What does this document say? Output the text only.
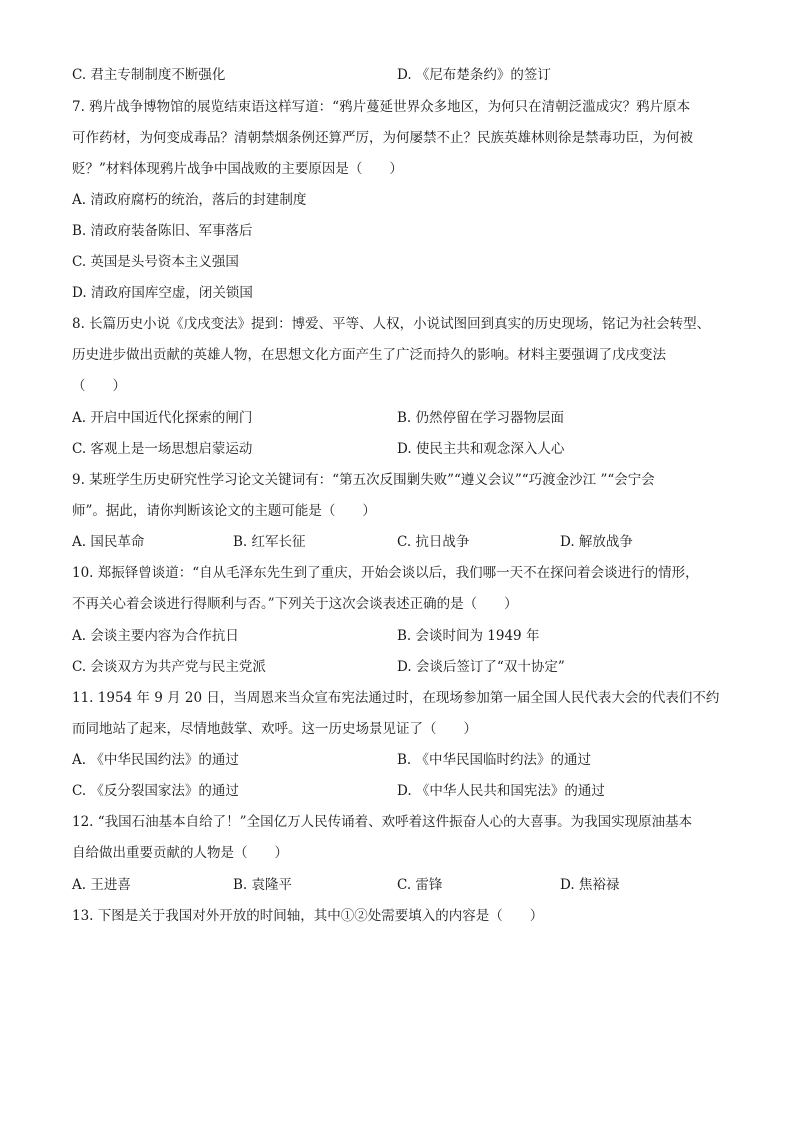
C. 君主专制制度不断强化	D. 《尼布楚条约》的签订
7. 鸦片战争博物馆的展览结束语这样写道：“鸦片蔓延世界众多地区，为何只在清朝泛滥成灾？鸦片原本
可作药材，为何变成毒品？清朝禁烟条例还算严厉，为何屡禁不止？民族英雄林则徐是禁毒功臣，为何被
贬？”材料体现鸦片战争中国战败的主要原因是（　　）
A. 清政府腐朽的统治，落后的封建制度
B. 清政府装备陈旧、军事落后
C. 英国是头号资本主义强国
D. 清政府国库空虚，闭关锁国
8. 长篇历史小说《戊戌变法》提到：博爱、平等、人权，小说试图回到真实的历史现场，铭记为社会转型、
历史进步做出贡献的英雄人物，在思想文化方面产生了广泛而持久的影响。材料主要强调了戊戌变法
（　　）
A. 开启中国近代化探索的闸门	B. 仍然停留在学习器物层面
C. 客观上是一场思想启蒙运动	D. 使民主共和观念深入人心
9. 某班学生历史研究性学习论文关键词有：“第五次反围剿失败”“遵义会议”“巧渡金沙江 ”“会宁会
师”。据此，请你判断该论文的主题可能是（　　）
A. 国民革命	B. 红军长征	C. 抗日战争	D. 解放战争
10. 郑振铎曾谈道：“自从毛泽东先生到了重庆，开始会谈以后，我们哪一天不在探问着会谈进行的情形，
不再关心着会谈进行得顺利与否。”下列关于这次会谈表述正确的是（　　）
A. 会谈主要内容为合作抗日	B. 会谈时间为 1949 年
C. 会谈双方为共产党与民主党派	D. 会谈后签订了“双十协定”
11. 1954 年 9 月 20 日，当周恩来当众宣布宪法通过时，在现场参加第一届全国人民代表大会的代表们不约
而同地站了起来，尽情地鼓掌、欢呼。这一历史场景见证了（　　）
A. 《中华民国约法》的通过	B. 《中华民国临时约法》的通过
C. 《反分裂国家法》的通过	D. 《中华人民共和国宪法》的通过
12. “我国石油基本自给了！”全国亿万人民传诵着、欢呼着这件振奋人心的大喜事。为我国实现原油基本
自给做出重要贡献的人物是（　　）
A. 王进喜	B. 袁隆平	C. 雷锋	D. 焦裕禄
13. 下图是关于我国对外开放的时间轴，其中①②处需要填入的内容是（　　）
